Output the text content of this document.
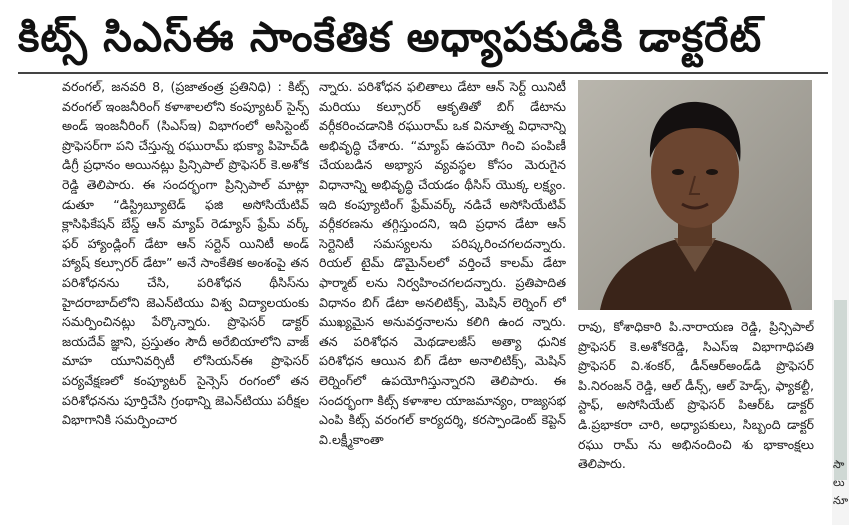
కిట్స్ సిఎస్ఈ సాంకేతిక అధ్యాపకుడికి డాక్టరేట్

వరంగల్, జనవరి 8, (ప్రజాతంత్ర ప్రతినిధి) : కిట్స్ వరంగల్ ఇంజనీరింగ్ కళాశాలలోని కంప్యూటర్ సైన్స్ అండ్ ఇంజనీరింగ్ (సిఎస్ఇ) విభాగంలో అసిస్టెంట్ ప్రొఫెసర్‌గా పని చేస్తున్న రఘురామ్ భుక్యా పిహెచ్‌డి డిగ్రీ ప్రధానం అయినట్లు ప్రిన్సిపాల్ ప్రొఫెసర్ కె.అశోక రెడ్డి తెలిపారు. ఈ సందర్భంగా ప్రిన్సిపాల్ మాట్లా డుతూ “డిస్ట్రిబ్యూటెడ్ ఫజి అసోసియేటివ్ క్లాసిఫికేషన్ బేస్డ్ ఆన్ మ్యాప్ రెడ్యూస్ ఫ్రేమ్ వర్క్ ఫర్ హ్యాండ్లింగ్ డేటా ఆన్ సర్టెన్ యినిటీ అండ్ హ్యాష్ కల్సూరర్ డేటా” అనే సాంకేతిక అంశంపై తన పరిశోధనను చేసి, పరిశోధన థీసిస్‌ను హైదరాబాద్‌లోని జెఎన్‌టియు విశ్వ విద్యాలయంకు సమర్పించినట్లు పేర్కొన్నారు. ప్రొఫెసర్ డాక్టర్ జయదేవ్ జ్ఞాని, ప్రస్తుతం సౌదీ అరేబియాలోని వాజ్ మాహ యూనివర్సిటీ లోసియన్‌ఈ ప్రొఫెసర్ పర్యవేక్షణలో కంప్యూటర్ సైన్సెస్ రంగంలో తన పరిశోధనను పూర్తిచేసి గ్రంథాన్ని జెఎన్‌టియు పరీక్షల విభాగానికి సమర్పించార

న్నారు. పరిశోధన ఫలితాలు డేటా ఆన్ సెర్ట్ యినిటీ మరియు కల్సూరర్ ఆకృతితో బిగ్ డేటాను వర్గీకరించడానికి రఘురామ్ ఒక వినూత్న విధానాన్ని అభివృద్ధి చేశారు. “మ్యాప్ ఉపయో గించి పంపిణీ చేయబడిన అభ్యాస వ్యవస్థల కోసం మెరుగైన విధానాన్ని అభివృద్ధి చేయడం థీసిస్ యొక్క లక్ష్యం. ఇది కంప్యూటింగ్ ఫ్రేమ్‌వర్క్ నడిచే అసోసియేటివ్ వర్గీకరణను తగ్గిస్తుందని, ఇది ప్రధాన డేటా ఆన్ సెర్టెనిటీ సమస్యలను పరిష్కరించగలదన్నారు. రియల్ టైమ్ డొమైన్‌లలో వర్తించే కాలమ్ డేటా ఫార్మాట్ లను నిర్వహించగలదన్నారు. ప్రతిపాదిత విధానం బిగ్ డేటా అనలిటిక్స్, మెషిన్ లెర్నింగ్ లో ముఖ్యమైన అనువర్తనాలను కలిగి ఉంద న్నారు. తన పరిశోధన మెథడాలజీస్ అత్యా ధునిక పరిశోధన ఆయిన బిగ్ డేటా అనాలిటిక్స్, మెషిన్ లెర్నింగ్‌లో ఉపయోగిస్తున్నారని తెలిపారు. ఈ సందర్భంగా కిట్స్ కళాశాల యాజమాన్యం, రాజ్యసభ ఎంపి కిట్స్ వరంగల్ కార్యదర్శి, కరస్పాండెంట్ కెప్టెన్ వి.లక్ష్మీకాంతా

రావు, కోశాధికారి పి.నారాయణ రెడ్డి, ప్రిన్సిపాల్ ప్రొఫెసర్ కె.అశోకరెడ్డి, సిఎస్ఇ విభాగాధిపతి ప్రొఫెసర్ వి.శంకర్, డీన్‌ఆర్‌అండ్‌డి ప్రొఫెసర్ పి.నిరంజన్ రెడ్డి, ఆల్ డీన్స్, ఆల్ హెడ్స్, ఫ్యాకల్టీ, స్టాఫ్, అసోసియేట్ ప్రొఫెసర్ పిఆర్ఓ డాక్టర్ డి.ప్రభాకరా చారి, అధ్యాపకులు, సిబ్బంది డాక్టర్ రఘు రామ్ ను అభినందించి శు భాకాంక్షలు తెలిపారు.	సా
లు
నూ
